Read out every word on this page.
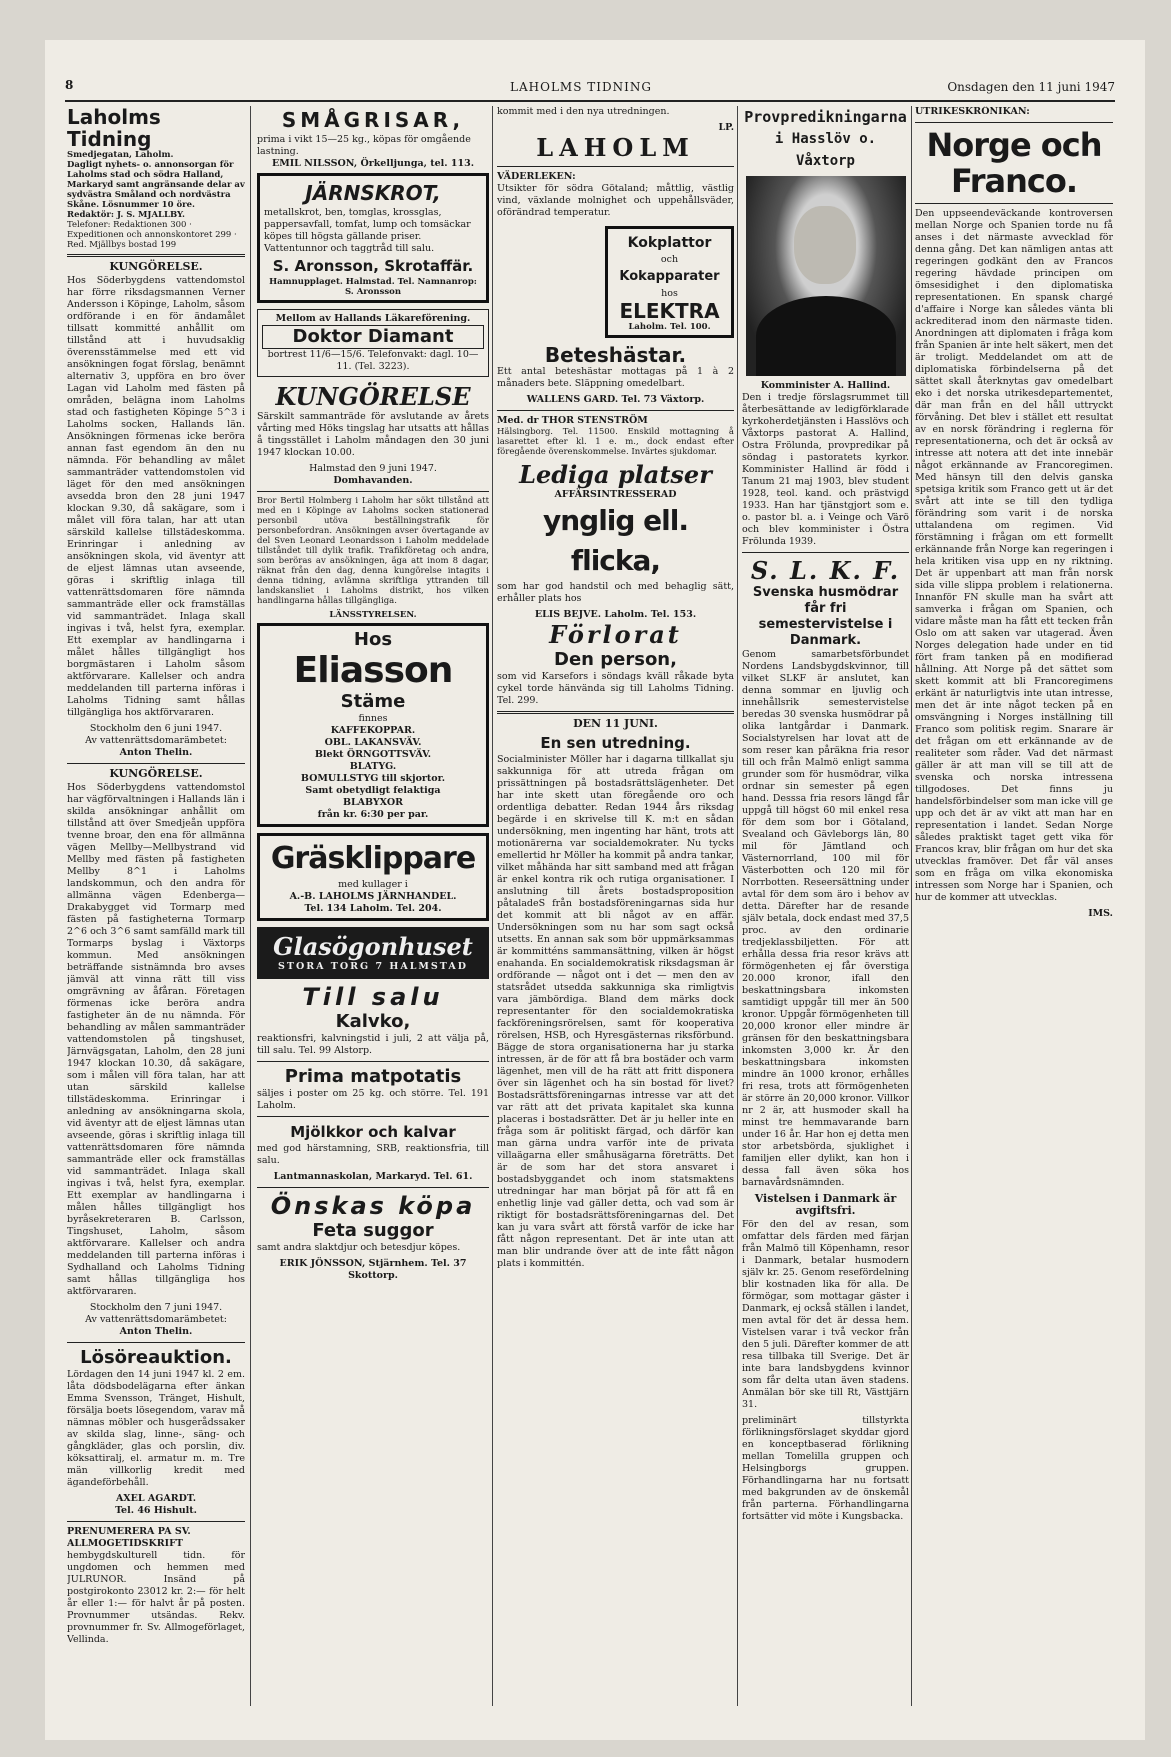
8	LAHOLMS TIDNING	Onsdagen den 11 juni 1947
Laholms Tidning
Smedjegatan, Laholm.
Dagligt nyhets- o. annonsorgan för Laholms stad och södra Halland, Markaryd samt angränsande delar av sydvästra Småland och nordvästra Skåne. Lösnummer 10 öre.
Redaktör: J. S. MJALLBY.
Telefoner: Redaktionen 300 · Expeditionen och annonskontoret 299 · Red. Mjällbys bostad 199
KUNGÖRELSE.
Hos Söderbygdens vattendomstol har förre riksdagsmannen Verner Andersson i Köpinge, Laholm, såsom ordförande i en för ändamålet tillsatt kommitté anhållit om tillstånd att i huvudsaklig överensstämmelse med ett vid ansökningen fogat förslag, benämnt alternativ 3, uppföra en bro över Lagan vid Laholm med fästen på områden, belägna inom Laholms stad och fastigheten Köpinge 5^3 i Laholms socken, Hallands län. Ansökningen förmenas icke beröra annan fast egendom än den nu nämnda. För behandling av målet sammanträder vattendomstolen vid läget för den med ansökningen avsedda bron den 28 juni 1947 klockan 9.30, då sakägare, som i målet vill föra talan, har att utan särskild kallelse tillstädeskomma. Erinringar i anledning av ansökningen skola, vid äventyr att de eljest lämnas utan avseende, göras i skriftlig inlaga till vattenrättsdomaren före nämnda sammanträde eller ock framställas vid sammanträdet. Inlaga skall ingivas i två, helst fyra, exemplar. Ett exemplar av handlingarna i målet hålles tillgängligt hos borgmästaren i Laholm såsom aktförvarare. Kallelser och andra meddelanden till parterna införas i Laholms Tidning samt hållas tillgängliga hos aktförvararen.
Stockholm den 6 juni 1947.
Av vattenrättsdomarämbetet:
Anton Thelin.
KUNGÖRELSE.
Hos Söderbygdens vattendomstol har vägförvaltningen i Hallands län i skilda ansökningar anhållit om tillstånd att över Smedjeån uppföra tvenne broar, den ena för allmänna vägen Mellby—Mellbystrand vid Mellby med fästen på fastigheten Mellby 8^1 i Laholms landskommun, och den andra för allmänna vägen Edenberga—Drakabygget vid Tormarp med fästen på fastigheterna Tormarp 2^6 och 3^6 samt samfälld mark till Tormarps byslag i Växtorps kommun. Med ansökningen beträffande sistnämnda bro avses jämväl att vinna rätt till viss omgrävning av åfåran. Företagen förmenas icke beröra andra fastigheter än de nu nämnda. För behandling av målen sammanträder vattendomstolen på tingshuset, Järnvägsgatan, Laholm, den 28 juni 1947 klockan 10.30, då sakägare, som i målen vill föra talan, har att utan särskild kallelse tillstädeskomma. Erinringar i anledning av ansökningarna skola, vid äventyr att de eljest lämnas utan avseende, göras i skriftlig inlaga till vattenrättsdomaren före nämnda sammanträde eller ock framställas vid sammanträdet. Inlaga skall ingivas i två, helst fyra, exemplar. Ett exemplar av handlingarna i målen hålles tillgängligt hos byråsekreteraren B. Carlsson, Tingshuset, Laholm, såsom aktförvarare. Kallelser och andra meddelanden till parterna införas i Sydhalland och Laholms Tidning samt hållas tillgängliga hos aktförvararen.
Stockholm den 7 juni 1947.
Av vattenrättsdomarämbetet:
Anton Thelin.
Lösöreauktion.
Lördagen den 14 juni 1947 kl. 2 em. låta dödsbodelägarna efter änkan Emma Svensson, Tränget, Hishult, försälja boets lösegendom, varav må nämnas möbler och husgerådssaker av skilda slag, linne-, säng- och gångkläder, glas och porslin, div. köksattiralj, el. armatur m. m. Tre män villkorlig kredit med ägandeförbehåll.
AXEL AGARDT.
Tel. 46 Hishult.
PRENUMERERA PA SV. ALLMOGETIDSKRIFT
hembygdskulturell tidn. för ungdomen och hemmen med JULRUNOR. Insänd på postgirokonto 23012 kr. 2:— för helt år eller 1:— för halvt år på posten. Provnummer utsändas. Rekv. provnummer fr. Sv. Allmogeförlaget, Vellinda.
SMÅGRISAR,
prima i vikt 15—25 kg., köpas för omgående lastning.
EMIL NILSSON, Örkelljunga, tel. 113.
JÄRNSKROT,
metallskrot, ben, tomglas, krossglas, pappersavfall, tomfat, lump och tomsäckar köpes till högsta gällande priser. Vattentunnor och taggtråd till salu.
S. Aronsson, Skrotaffär.
Hamnupplaget. Halmstad. Tel. Namnanrop: S. Aronsson
Mellom av Hallands Läkareförening.
Doktor Diamant
bortrest 11/6—15/6. Telefonvakt: dagl. 10—11. (Tel. 3223).
KUNGÖRELSE
Särskilt sammanträde för avslutande av årets vårting med Höks tingslag har utsatts att hållas å tingsstället i Laholm måndagen den 30 juni 1947 klockan 10.00.
Halmstad den 9 juni 1947.
Domhavanden.
Bror Bertil Holmberg i Laholm har sökt tillstånd att med en i Köpinge av Laholms socken stationerad personbil utöva beställningstrafik för personbefordran. Ansökningen avser övertagande av del Sven Leonard Leonardsson i Laholm meddelade tillståndet till dylik trafik. Trafikföretag och andra, som beröras av ansökningen, äga att inom 8 dagar, räknat från den dag, denna kungörelse intagits i denna tidning, avlämna skriftliga yttranden till landskansliet i Laholms distrikt, hos vilken handlingarna hållas tillgängliga.
LÄNSSTYRELSEN.
Hos
Eliasson
Stäme
finnes
KAFFEKOPPAR.
OBL. LAKANSVÄV.
Blekt ÖRNGOTTSVÄV.
BLATYG.
BOMULLSTYG till skjortor.
Samt obetydligt felaktiga
BLABYXOR
från kr. 6:30 per par.
Gräsklippare
med kullager i
A.-B. LAHOLMS JÄRNHANDEL.
Tel. 134 Laholm. Tel. 204.
Glasögonhuset
STORA TORG 7 HALMSTAD
Till salu
Kalvko,
reaktionsfri, kalvningstid i juli, 2 att välja på, till salu. Tel. 99 Alstorp.
Prima matpotatis
säljes i poster om 25 kg. och större. Tel. 191 Laholm.
Mjölkkor och kalvar
med god härstamning, SRB, reaktionsfria, till salu.
Lantmannaskolan, Markaryd. Tel. 61.
Önskas köpa
Feta suggor
samt andra slaktdjur och betesdjur köpes.
ERIK JÖNSSON, Stjärnhem. Tel. 37 Skottorp.
kommit med i den nya utredningen.
LP.
LAHOLM
VÄDERLEKEN:
Utsikter för södra Götaland; måttlig, västlig vind, växlande molnighet och uppehållsväder, oförändrad temperatur.
Kokplattor
och
Kokapparater
hos
ELEKTRA
Laholm. Tel. 100.
Beteshästar.
Ett antal beteshästar mottagas på 1 à 2 månaders bete. Släppning omedelbart.
WALLENS GARD. Tel. 73 Växtorp.
Med. dr THOR STENSTRÖM
Hälsingborg. Tel. 11500. Enskild mottagning å lasarettet efter kl. 1 e. m., dock endast efter föregående överenskommelse. Invärtes sjukdomar.
Lediga platser
AFFÄRSINTRESSERAD
ynglig ell. flicka,
som har god handstil och med behaglig sätt, erhåller plats hos
ELIS BEJVE. Laholm. Tel. 153.
Förlorat
Den person,
som vid Karsefors i söndags kväll råkade byta cykel torde hänvända sig till Laholms Tidning. Tel. 299.
DEN 11 JUNI.
En sen utredning.
Socialminister Möller har i dagarna tillkallat sju sakkunniga för att utreda frågan om prissättningen på bostadsrättslägenheter. Det har inte skett utan föregående oro och ordentliga debatter. Redan 1944 års riksdag begärde i en skrivelse till K. m:t en sådan undersökning, men ingenting har hänt, trots att motionärerna var socialdemokrater. Nu tycks emellertid hr Möller ha kommit på andra tankar, vilket måhända har sitt samband med att frågan är enkel kontra rik och rutiga organisationer. I anslutning till årets bostadsproposition påtaladeS från bostadsföreningarnas sida hur det kommit att bli något av en affär. Undersökningen som nu har som sagt också utsetts. En annan sak som bör uppmärksammas är kommitténs sammansättning, vilken är högst enahanda. En socialdemokratisk riksdagsman är ordförande — något ont i det — men den av statsrådet utsedda sakkunniga ska rimligtvis vara jämbördiga. Bland dem märks dock representanter för den socialdemokratiska fackföreningsrörelsen, samt för kooperativa rörelsen, HSB, och Hyresgästernas riksförbund. Bägge de stora organisationerna har ju starka intressen, är de för att få bra bostäder och varm lägenhet, men vill de ha rätt att fritt disponera över sin lägenhet och ha sin bostad för livet? Bostadsrättsföreningarnas intresse var att det var rätt att det privata kapitalet ska kunna placeras i bostadsrätter. Det är ju heller inte en fråga som är politiskt färgad, och därför kan man gärna undra varför inte de privata villaägarna eller småhusägarna företrätts. Det är de som har det stora ansvaret i bostadsbyggandet och inom statsmaktens utredningar har man börjat på för att få en enhetlig linje vad gäller detta, och vad som är riktigt för bostadsrättsföreningarnas del. Det kan ju vara svårt att förstå varför de icke har fått någon representant. Det är inte utan att man blir undrande över att de inte fått någon plats i kommittén.
Provpredikningarna
i Hasslöv o. Våxtorp
Komminister A. Hallind.
Den i tredje förslagsrummet till återbesättande av ledigförklarade kyrkoherdetjänsten i Hasslövs och Våxtorps pastorat A. Hallind, Ostra Frölunda, provpredikar på söndag i pastoratets kyrkor. Komminister Hallind är född i Tanum 21 maj 1903, blev student 1928, teol. kand. och prästvigd 1933. Han har tjänstgjort som e. o. pastor bl. a. i Veinge och Värö och blev komminister i Östra Frölunda 1939.
S. L. K. F.
Svenska husmödrar får fri semestervistelse i Danmark.
Genom samarbetsförbundet Nordens Landsbygdskvinnor, till vilket SLKF är anslutet, kan denna sommar en ljuvlig och innehållsrik semestervistelse beredas 30 svenska husmödrar på olika lantgårdar i Danmark. Socialstyrelsen har lovat att de som reser kan påräkna fria resor till och från Malmö enligt samma grunder som för husmödrar, vilka ordnar sin semester på egen hand. Desssa fria resors längd får uppgå till högst 60 mil enkel resa för dem som bor i Götaland, Svealand och Gävleborgs län, 80 mil för Jämtland och Västernorrland, 100 mil för Västerbotten och 120 mil för Norrbotten. Reseersättning under avtal för dem som äro i behov av detta. Därefter har de resande själv betala, dock endast med 37,5 proc. av den ordinarie tredjeklassbiljetten. För att erhålla dessa fria resor krävs att förmögenheten ej får överstiga 20.000 kronor, ifall den beskattningsbara inkomsten samtidigt uppgår till mer än 500 kronor. Uppgår förmögenheten till 20,000 kronor eller mindre är gränsen för den beskattningsbara inkomsten 3,000 kr. Är den beskattningsbara inkomsten mindre än 1000 kronor, erhålles fri resa, trots att förmögenheten är större än 20,000 kronor. Villkor nr 2 är, att husmoder skall ha minst tre hemmavarande barn under 16 år. Har hon ej detta men stor arbetsbörda, sjuklighet i familjen eller dylikt, kan hon i dessa fall även söka hos barnavårdsnämnden.
Vistelsen i Danmark är avgiftsfri.
För den del av resan, som omfattar dels färden med färjan från Malmö till Köpenhamn, resor i Danmark, betalar husmodern själv kr. 25. Genom resefördelning blir kostnaden lika för alla. De förmögar, som mottagar gäster i Danmark, ej också ställen i landet, men avtal för det är dessa hem. Vistelsen varar i två veckor från den 5 juli. Därefter kommer de att resa tillbaka till Sverige. Det är inte bara landsbygdens kvinnor som får delta utan även stadens. Anmälan bör ske till Rt, Västtjärn 31.
preliminärt tillstyrkta förlikningsförslaget skyddar gjord en konceptbaserad förlikning mellan Tomelilla gruppen och Helsingborgs gruppen. Förhandlingarna har nu fortsatt med bakgrunden av de önskemål från parterna. Förhandlingarna fortsätter vid möte i Kungsbacka.
UTRIKESKRÖNIKAN:
Norge och Franco.
Den uppseendeväckande kontroversen mellan Norge och Spanien torde nu få anses i det närmaste avvecklad för denna gång. Det kan nämligen antas att regeringen godkänt den av Francos regering hävdade principen om ömsesidighet i den diplomatiska representationen. En spansk chargé d'affaire i Norge kan således vänta bli ackrediterad inom den närmaste tiden. Anordningen att diplomaten i fråga kom från Spanien är inte helt säkert, men det är troligt. Meddelandet om att de diplomatiska förbindelserna på det sättet skall återknytas gav omedelbart eko i det norska utrikesdepartementet, där man från en del håll uttryckt förvåning. Det blev i stället ett resultat av en norsk förändring i reglerna för representationerna, och det är också av intresse att notera att det inte innebär något erkännande av Francoregimen. Med hänsyn till den delvis ganska spetsiga kritik som Franco gett ut är det svårt att inte se till den tydliga förändring som varit i de norska uttalandena om regimen. Vid förstämning i frågan om ett formellt erkännande från Norge kan regeringen i hela kritiken visa upp en ny riktning. Det är uppenbart att man från norsk sida ville slippa problem i relationerna. Innanför FN skulle man ha svårt att samverka i frågan om Spanien, och vidare måste man ha fått ett tecken från Oslo om att saken var utagerad. Även Norges delegation hade under en tid fört fram tanken på en modifierad hållning. Att Norge på det sättet som skett kommit att bli Francoregimens erkänt är naturligtvis inte utan intresse, men det är inte något tecken på en omsvängning i Norges inställning till Franco som politisk regim. Snarare är det frågan om ett erkännande av de realiteter som råder. Vad det närmast gäller är att man vill se till att de svenska och norska intressena tillgodoses. Det finns ju handelsförbindelser som man icke vill ge upp och det är av vikt att man har en representation i landet. Sedan Norge således praktiskt taget gett vika för Francos krav, blir frågan om hur det ska utvecklas framöver. Det får väl anses som en fråga om vilka ekonomiska intressen som Norge har i Spanien, och hur de kommer att utvecklas.
IMS.
